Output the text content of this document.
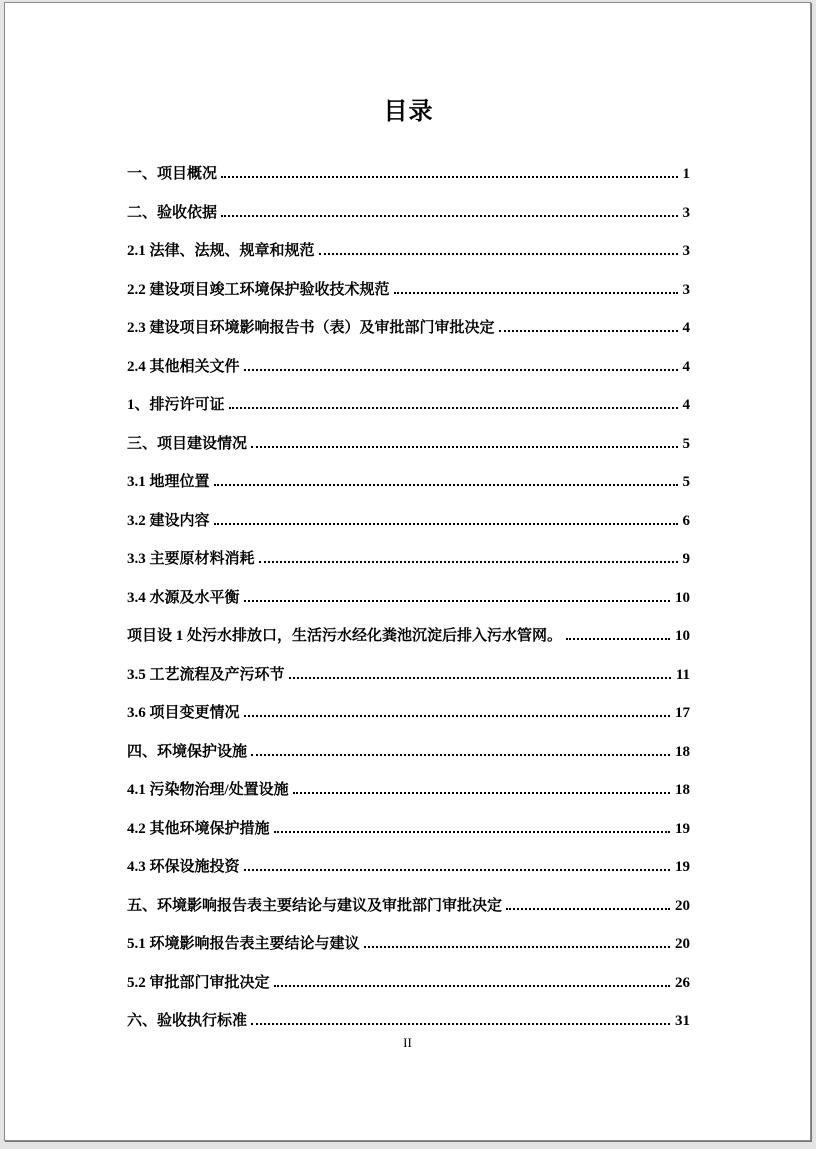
目录
一、项目概况	1
二、验收依据	3
2.1 法律、法规、规章和规范	3
2.2 建设项目竣工环境保护验收技术规范	3
2.3 建设项目环境影响报告书（表）及审批部门审批决定	4
2.4 其他相关文件	4
1、排污许可证	4
三、项目建设情况	5
3.1 地理位置	5
3.2 建设内容	6
3.3 主要原材料消耗	9
3.4 水源及水平衡	10
项目设 1 处污水排放口，生活污水经化粪池沉淀后排入污水管网。	10
3.5 工艺流程及产污环节	11
3.6 项目变更情况	17
四、环境保护设施	18
4.1 污染物治理/处置设施	18
4.2 其他环境保护措施	19
4.3 环保设施投资	19
五、环境影响报告表主要结论与建议及审批部门审批决定	20
5.1 环境影响报告表主要结论与建议	20
5.2 审批部门审批决定	26
六、验收执行标准	31
II
